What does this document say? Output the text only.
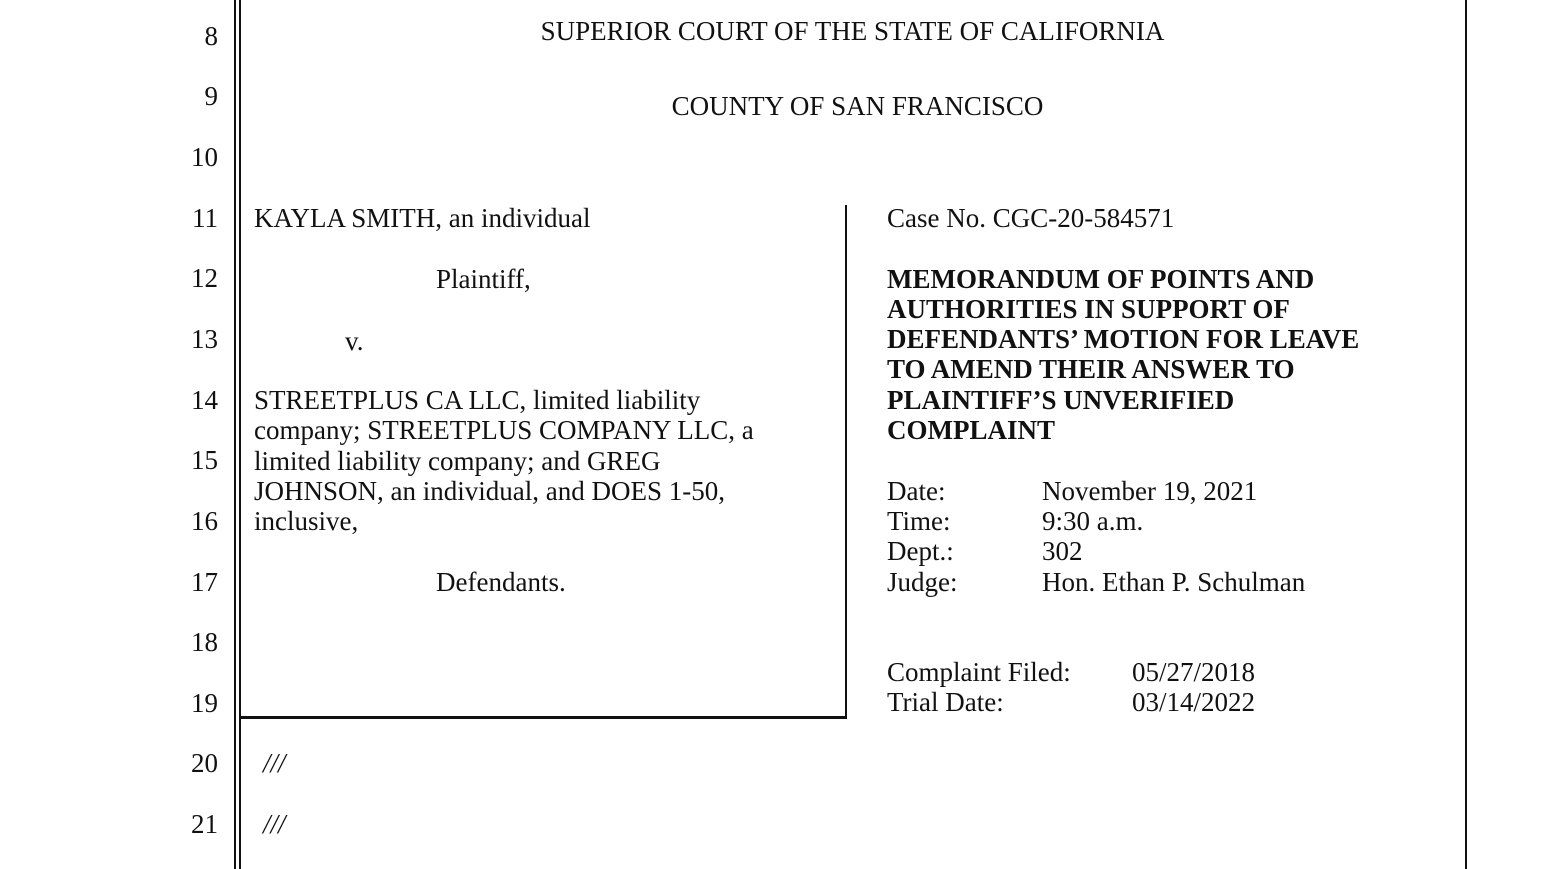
8
9
10
11
12
13
14
15
16
17
18
19
20
21
SUPERIOR COURT OF THE STATE OF CALIFORNIA
COUNTY OF SAN FRANCISCO
KAYLA SMITH, an individual
Plaintiff,
v.
STREETPLUS CA LLC, limited liability
company; STREETPLUS COMPANY LLC, a
limited liability company; and GREG
JOHNSON, an individual, and DOES 1-50,
inclusive,
Defendants.
Case No. CGC-20-584571
MEMORANDUM OF POINTS AND
AUTHORITIES IN SUPPORT OF
DEFENDANTS’ MOTION FOR LEAVE
TO AMEND THEIR ANSWER TO
PLAINTIFF’S UNVERIFIED
COMPLAINT
Date:	November 19, 2021
Time:	9:30 a.m.
Dept.:	302
Judge:	Hon. Ethan P. Schulman
Complaint Filed: 05/27/2018
Trial Date:	03/14/2022
///
///
